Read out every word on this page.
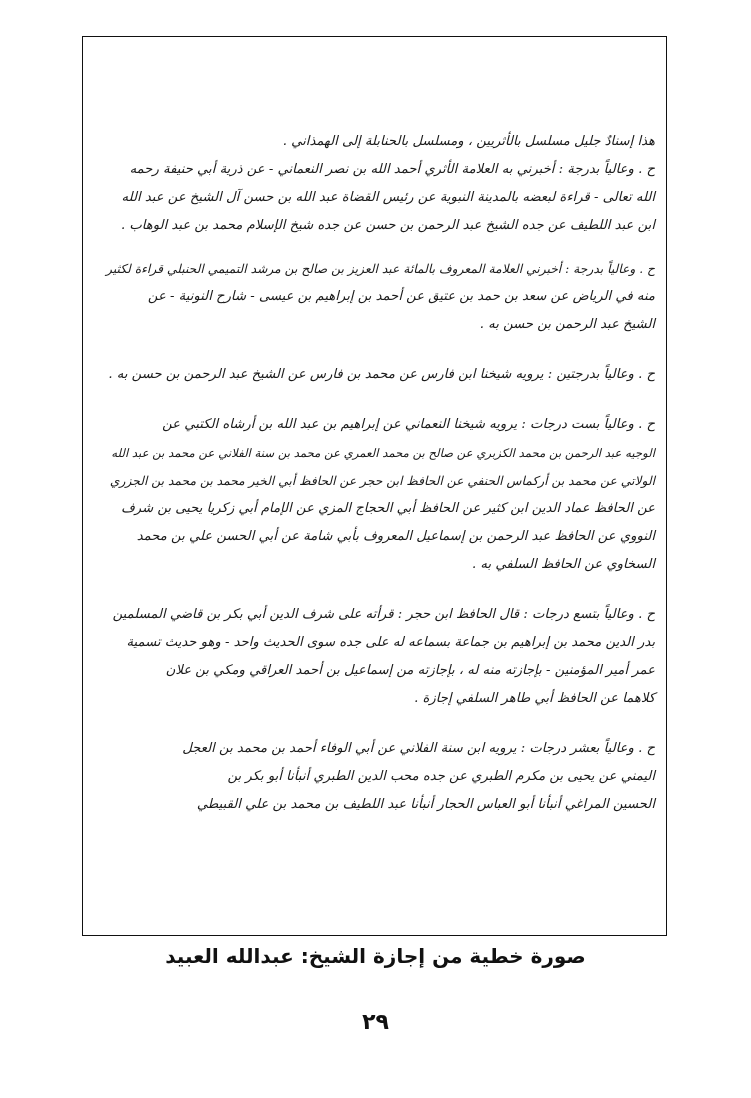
هذا إسنادٌ جليل مسلسل بالأثريين ، ومسلسل بالحنابلة إلى الهمذاني .
ح . وعالياً بدرجة : أخبرني به العلامة الأثري أحمد الله بن نصر النعماني - عن ذرية أبي حنيفة رحمه
الله تعالى - قراءة لبعضه بالمدينة النبوية عن رئيس القضاة عبد الله بن حسن آل الشيخ عن عبد الله
ابن عبد اللطيف عن جده الشيخ عبد الرحمن بن حسن عن جده شيخ الإسلام محمد بن عبد الوهاب .
ح . وعالياً بدرجة : أخبرني العلامة المعروف بالمائة عبد العزيز بن صالح بن مرشد التميمي الحنبلي قراءة لكثير
منه في الرياض عن سعد بن حمد بن عتيق عن أحمد بن إبراهيم بن عيسى - شارح النونية - عن
الشيخ عبد الرحمن بن حسن به .
ح . وعالياً بدرجتين : يرويه شيخنا ابن فارس عن محمد بن فارس عن الشيخ عبد الرحمن بن حسن به .
ح . وعالياً بست درجات : يرويه شيخنا النعماني عن إبراهيم بن عبد الله بن أرشاه الكتبي عن
الوجيه عبد الرحمن بن محمد الكزبري عن صالح بن محمد العمري عن محمد بن سنة الفلاني عن محمد بن عبد الله
الولاتي عن محمد بن أركماس الحنفي عن الحافظ ابن حجر عن الحافظ أبي الخير محمد بن محمد بن الجزري
عن الحافظ عماد الدين ابن كثير عن الحافظ أبي الحجاج المزي عن الإمام أبي زكريا يحيى بن شرف
النووي عن الحافظ عبد الرحمن بن إسماعيل المعروف بأبي شامة عن أبي الحسن علي بن محمد
السخاوي عن الحافظ السلفي به .
ح . وعالياً بتسع درجات : قال الحافظ ابن حجر : قرأته على شرف الدين أبي بكر بن قاضي المسلمين
بدر الدين محمد بن إبراهيم بن جماعة بسماعه له على جده سوى الحديث واحد - وهو حديث تسمية
عمر أمير المؤمنين - بإجازته منه له ، بإجازته من إسماعيل بن أحمد العراقي ومكي بن علان
كلاهما عن الحافظ أبي طاهر السلفي إجازة .
ح . وعالياً بعشر درجات : يرويه ابن سنة الفلاني عن أبي الوفاء أحمد بن محمد بن العجل
اليمني عن يحيى بن مكرم الطبري عن جده محب الدين الطبري أنبأنا أبو بكر بن
الحسين المراغي أنبأنا أبو العباس الحجار أنبأنا عبد اللطيف بن محمد بن علي القبيطي
صورة خطية من إجازة الشيخ: عبدالله العبيد
٢٩
